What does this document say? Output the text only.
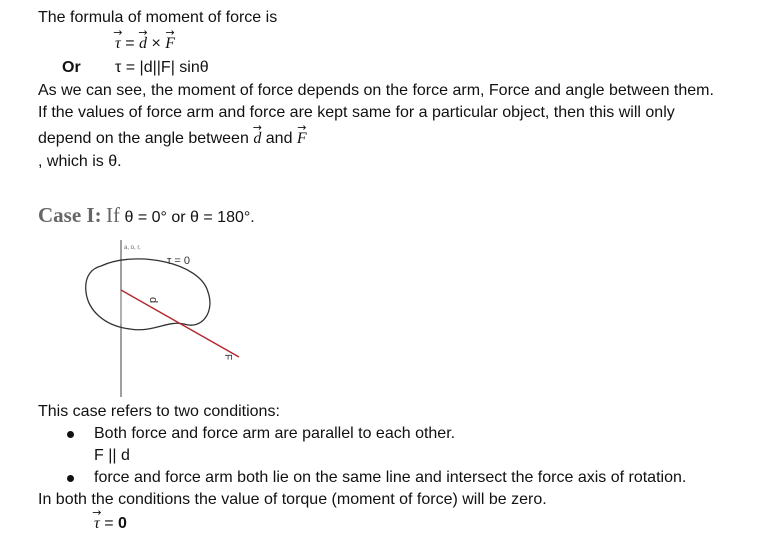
The formula of moment of force is
→ τ = → d × → F
Or τ = |d||F| sinθ
As we can see, the moment of force depends on the force arm, Force and angle between them.
If the values of force arm and force are kept same for a particular object, then this will only
depend on the angle between → d and → F
, which is θ.
Case I: If θ = 0° or θ = 180°.
a, o, r,
τ = 0
d
F
This case refers to two conditions:
Both force and force arm are parallel to each other.
F || d
force and force arm both lie on the same line and intersect the force axis of rotation.
In both the conditions the value of torque (moment of force) will be zero.
→ τ = 0
